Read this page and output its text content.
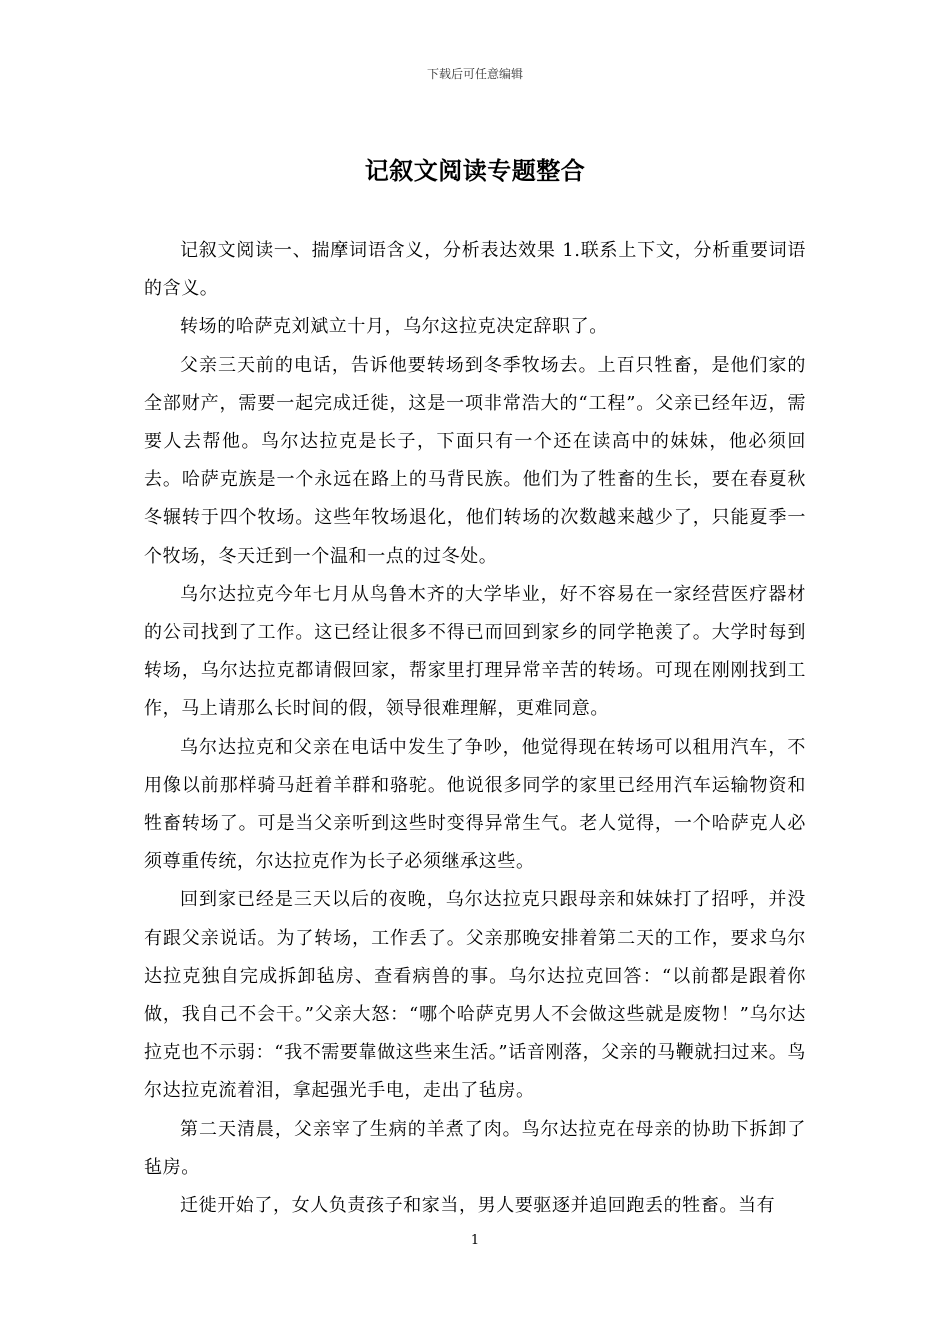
下载后可任意编辑
记叙文阅读专题整合

记叙文阅读一、揣摩词语含义，分析表达效果 1.联系上下文，分析重要词语的含义。

转场的哈萨克刘斌立十月，乌尔这拉克决定辞职了。

父亲三天前的电话，告诉他要转场到冬季牧场去。上百只牲畜，是他们家的全部财产，需要一起完成迁徙，这是一项非常浩大的“工程”。父亲已经年迈，需要人去帮他。鸟尔达拉克是长子，下面只有一个还在读高中的妹妹，他必须回去。哈萨克族是一个永远在路上的马背民族。他们为了牲畜的生长，要在春夏秋冬辗转于四个牧场。这些年牧场退化，他们转场的次数越来越少了，只能夏季一个牧场，冬天迁到一个温和一点的过冬处。

乌尔达拉克今年七月从鸟鲁木齐的大学毕业，好不容易在一家经营医疗器材的公司找到了工作。这已经让很多不得已而回到家乡的同学艳羡了。大学时每到转场，乌尔达拉克都请假回家，帮家里打理异常辛苦的转场。可现在刚刚找到工作，马上请那么长时间的假，领导很难理解，更难同意。

乌尔达拉克和父亲在电话中发生了争吵，他觉得现在转场可以租用汽车，不用像以前那样骑马赶着羊群和骆驼。他说很多同学的家里已经用汽车运输物资和牲畜转场了。可是当父亲听到这些时变得异常生气。老人觉得，一个哈萨克人必须尊重传统，尔达拉克作为长子必须继承这些。

回到家已经是三天以后的夜晚，乌尔达拉克只跟母亲和妹妹打了招呼，并没有跟父亲说话。为了转场，工作丢了。父亲那晚安排着第二天的工作，要求乌尔达拉克独自完成拆卸毡房、查看病兽的事。乌尔达拉克回答：“以前都是跟着你做，我自己不会干。”父亲大怒：“哪个哈萨克男人不会做这些就是废物！”乌尔达拉克也不示弱：“我不需要靠做这些来生活。”话音刚落，父亲的马鞭就扫过来。鸟尔达拉克流着泪，拿起强光手电，走出了毡房。

第二天清晨，父亲宰了生病的羊煮了肉。鸟尔达拉克在母亲的协助下拆卸了毡房。

迁徙开始了，女人负责孩子和家当，男人要驱逐并追回跑丢的牲畜。当有

1
